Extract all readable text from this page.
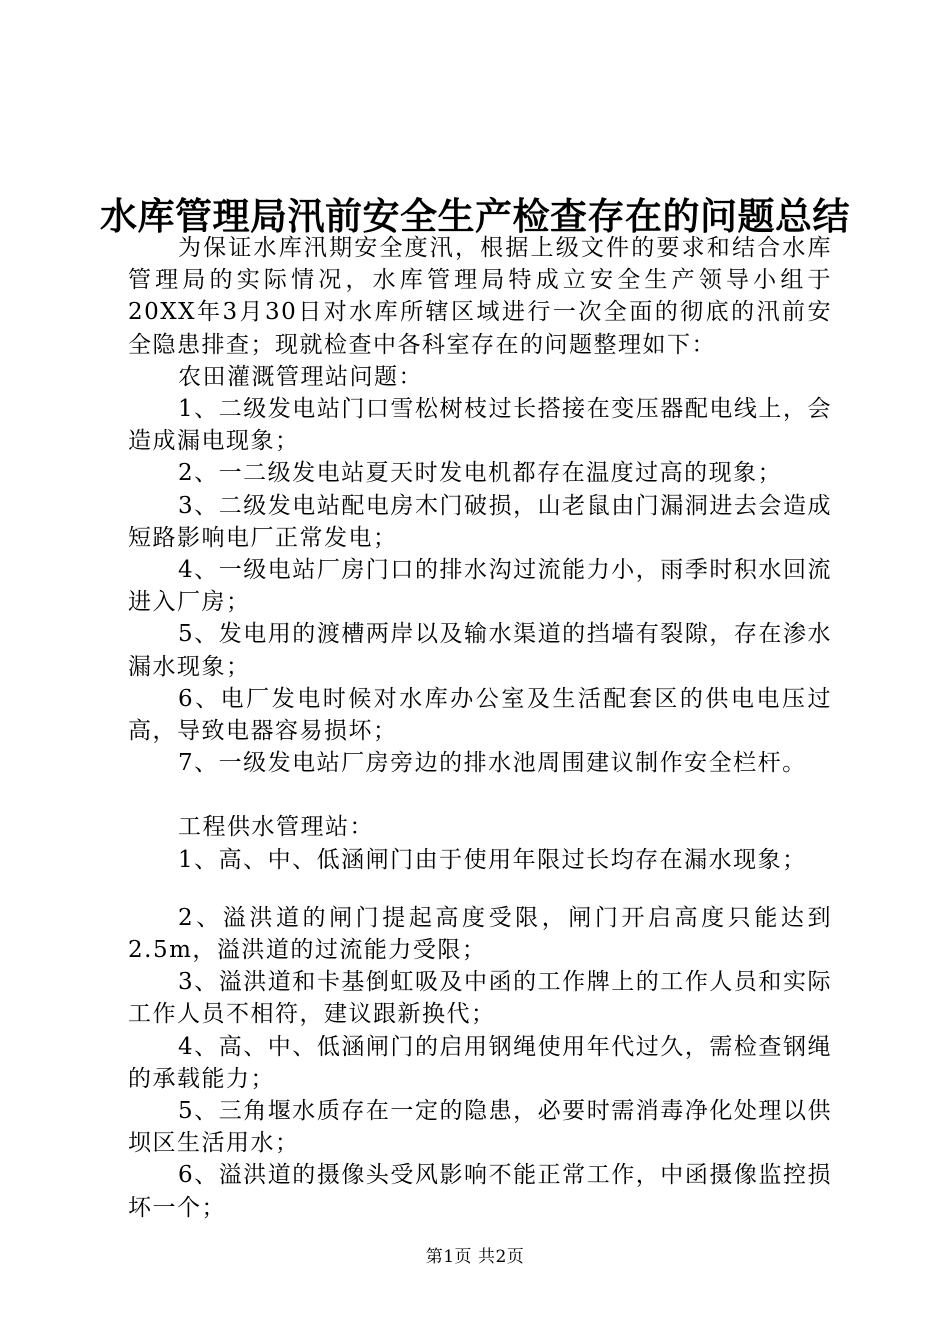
水库管理局汛前安全生产检查存在的问题总结

为保证水库汛期安全度汛，根据上级文件的要求和结合水库管理局的实际情况，水库管理局特成立安全生产领导小组于20XX年3月30日对水库所辖区域进行一次全面的彻底的汛前安全隐患排查；现就检查中各科室存在的问题整理如下：

农田灌溉管理站问题：

1、二级发电站门口雪松树枝过长搭接在变压器配电线上，会造成漏电现象；

2、一二级发电站夏天时发电机都存在温度过高的现象；

3、二级发电站配电房木门破损，山老鼠由门漏洞进去会造成短路影响电厂正常发电；

4、一级电站厂房门口的排水沟过流能力小，雨季时积水回流进入厂房；

5、发电用的渡槽两岸以及输水渠道的挡墙有裂隙，存在渗水漏水现象；

6、电厂发电时候对水库办公室及生活配套区的供电电压过高，导致电器容易损坏；

7、一级发电站厂房旁边的排水池周围建议制作安全栏杆。

工程供水管理站：

1、高、中、低涵闸门由于使用年限过长均存在漏水现象；

2、溢洪道的闸门提起高度受限，闸门开启高度只能达到2.5m，溢洪道的过流能力受限；

3、溢洪道和卡基倒虹吸及中函的工作牌上的工作人员和实际工作人员不相符，建议跟新换代；

4、高、中、低涵闸门的启用钢绳使用年代过久，需检查钢绳的承载能力；

5、三角堰水质存在一定的隐患，必要时需消毒净化处理以供坝区生活用水；

6、溢洪道的摄像头受风影响不能正常工作，中函摄像监控损坏一个；

第1页 共2页
